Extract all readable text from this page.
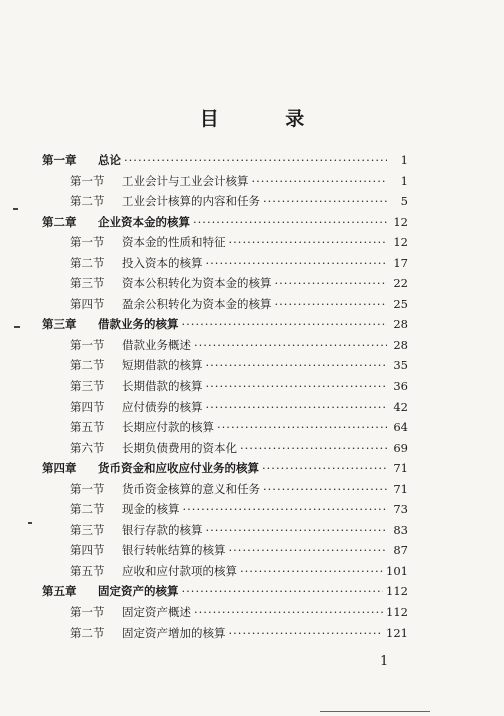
目 录
第一章	总论 ·····	1
第一节	工业会计与工业会计核算 ·····	1
第二节	工业会计核算的内容和任务 ·····	5
第二章	企业资本金的核算 ·····	12
第一节	资本金的性质和特征 ·····	12
第二节	投入资本的核算 ·····	17
第三节	资本公积转化为资本金的核算 ·····	22
第四节	盈余公积转化为资本金的核算 ·····	25
第三章	借款业务的核算 ·····	28
第一节	借款业务概述 ·····	28
第二节	短期借款的核算 ·····	35
第三节	长期借款的核算 ·····	36
第四节	应付债券的核算 ·····	42
第五节	长期应付款的核算 ·····	64
第六节	长期负债费用的资本化 ·····	69
第四章	货币资金和应收应付业务的核算 ·····	71
第一节	货币资金核算的意义和任务 ·····	71
第二节	现金的核算 ·····	73
第三节	银行存款的核算 ·····	83
第四节	银行转帐结算的核算 ·····	87
第五节	应收和应付款项的核算 ·····	101
第五章	固定资产的核算 ·····	112
第一节	固定资产概述 ·····	112
第二节	固定资产增加的核算 ·····	121
1
